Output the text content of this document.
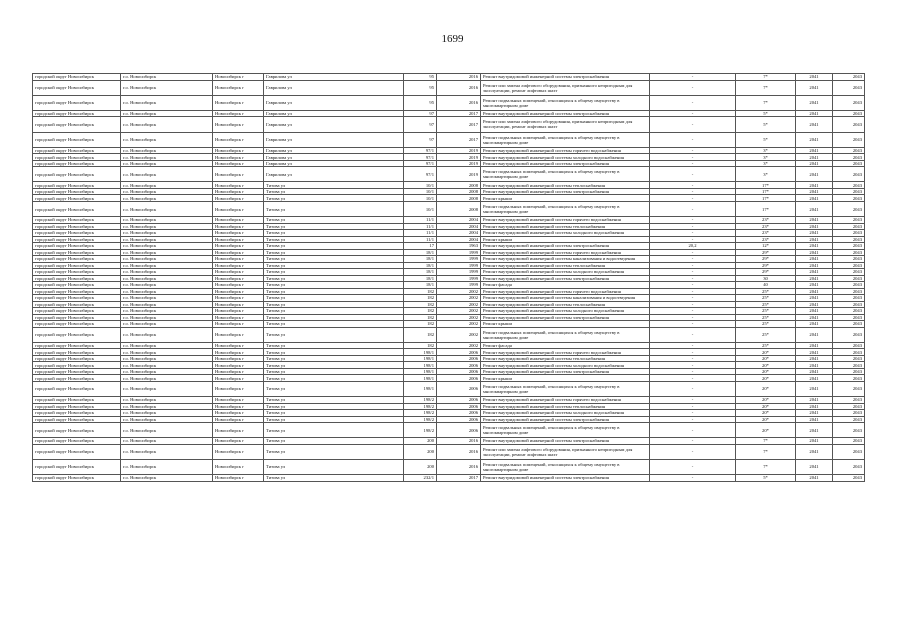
1699
городской округ Новосибирск	г.о. Новосибирск	Новосибирск г	Гаврилова ул	95	2016	Ремонт внутридомовой инженерной системы электроснабжения	-	7*	2041	2043
городской округ Новосибирск	г.о. Новосибирск	Новосибирск г	Гаврилова ул	95	2016	Ремонт или замена лифтового оборудования, признанного непригодным для эксплуатации, ремонт лифтовых шахт	-	7*	2041	2043
городской округ Новосибирск	г.о. Новосибирск	Новосибирск г	Гаврилова ул	95	2016	Ремонт подвальных помещений, относящихся к общему имуществу в многоквартирном доме	-	7*	2041	2043
городской округ Новосибирск	г.о. Новосибирск	Новосибирск г	Гаврилова ул	97	2017	Ремонт внутридомовой инженерной системы электроснабжения	-	5*	2041	2043
городской округ Новосибирск	г.о. Новосибирск	Новосибирск г	Гаврилова ул	97	2017	Ремонт или замена лифтового оборудования, признанного непригодным для эксплуатации, ремонт лифтовых шахт	-	5*	2041	2043
городской округ Новосибирск	г.о. Новосибирск	Новосибирск г	Гаврилова ул	97	2017	Ремонт подвальных помещений, относящихся к общему имуществу в многоквартирном доме	-	5*	2041	2043
городской округ Новосибирск	г.о. Новосибирск	Новосибирск г	Гаврилова ул	97/1	2019	Ремонт внутридомовой инженерной системы горячего водоснабжения	-	3*	2041	2043
городской округ Новосибирск	г.о. Новосибирск	Новосибирск г	Гаврилова ул	97/1	2019	Ремонт внутридомовой инженерной системы холодного водоснабжения	-	3*	2041	2043
городской округ Новосибирск	г.о. Новосибирск	Новосибирск г	Гаврилова ул	97/1	2019	Ремонт внутридомовой инженерной системы электроснабжения	-	3*	2041	2043
городской округ Новосибирск	г.о. Новосибирск	Новосибирск г	Гаврилова ул	97/1	2019	Ремонт подвальных помещений, относящихся к общему имуществу в многоквартирном доме	-	3*	2041	2043
городской округ Новосибирск	г.о. Новосибирск	Новосибирск г	Титова ул	10/1	2008	Ремонт внутридомовой инженерной системы теплоснабжения	-	17*	2041	2043
городской округ Новосибирск	г.о. Новосибирск	Новосибирск г	Титова ул	10/1	2008	Ремонт внутридомовой инженерной системы электроснабжения	-	17*	2041	2043
городской округ Новосибирск	г.о. Новосибирск	Новосибирск г	Титова ул	10/1	2008	Ремонт крыши	-	17*	2041	2043
городской округ Новосибирск	г.о. Новосибирск	Новосибирск г	Титова ул	10/1	2008	Ремонт подвальных помещений, относящихся к общему имуществу в многоквартирном доме	-	17*	2041	2043
городской округ Новосибирск	г.о. Новосибирск	Новосибирск г	Титова ул	11/1	2004	Ремонт внутридомовой инженерной системы горячего водоснабжения	-	23*	2041	2043
городской округ Новосибирск	г.о. Новосибирск	Новосибирск г	Титова ул	11/1	2004	Ремонт внутридомовой инженерной системы теплоснабжения	-	23*	2041	2043
городской округ Новосибирск	г.о. Новосибирск	Новосибирск г	Титова ул	11/1	2004	Ремонт внутридомовой инженерной системы холодного водоснабжения	-	23*	2041	2043
городской округ Новосибирск	г.о. Новосибирск	Новосибирск г	Титова ул	11/1	2004	Ремонт крыши	-	23*	2041	2043
городской округ Новосибирск	г.о. Новосибирск	Новосибирск г	Титова ул	17	1963	Ремонт внутридомовой инженерной системы электроснабжения	20,2	12*	2041	2043
городской округ Новосибирск	г.о. Новосибирск	Новосибирск г	Титова ул	18/1	1999	Ремонт внутридомовой инженерной системы горячего водоснабжения	-	29*	2041	2043
городской округ Новосибирск	г.о. Новосибирск	Новосибирск г	Титова ул	18/1	1999	Ремонт внутридомовой инженерной системы канализования и водоотведения	-	29*	2041	2043
городской округ Новосибирск	г.о. Новосибирск	Новосибирск г	Титова ул	18/1	1999	Ремонт внутридомовой инженерной системы теплоснабжения	-	29*	2041	2043
городской округ Новосибирск	г.о. Новосибирск	Новосибирск г	Титова ул	18/1	1999	Ремонт внутридомовой инженерной системы холодного водоснабжения	-	29*	2041	2043
городской округ Новосибирск	г.о. Новосибирск	Новосибирск г	Титова ул	18/1	1999	Ремонт внутридомовой инженерной системы электроснабжения	-	30	2041	2043
городской округ Новосибирск	г.о. Новосибирск	Новосибирск г	Титова ул	18/1	1999	Ремонт фасада	-	40	2041	2043
городской округ Новосибирск	г.о. Новосибирск	Новосибирск г	Титова ул	182	2002	Ремонт внутридомовой инженерной системы горячего водоснабжения	-	25*	2041	2043
городской округ Новосибирск	г.о. Новосибирск	Новосибирск г	Титова ул	182	2002	Ремонт внутридомовой инженерной системы канализования и водоотведения	-	25*	2041	2043
городской округ Новосибирск	г.о. Новосибирск	Новосибирск г	Титова ул	182	2002	Ремонт внутридомовой инженерной системы теплоснабжения	-	25*	2041	2043
городской округ Новосибирск	г.о. Новосибирск	Новосибирск г	Титова ул	182	2002	Ремонт внутридомовой инженерной системы холодного водоснабжения	-	25*	2041	2043
городской округ Новосибирск	г.о. Новосибирск	Новосибирск г	Титова ул	182	2002	Ремонт внутридомовой инженерной системы электроснабжения	-	25*	2041	2043
городской округ Новосибирск	г.о. Новосибирск	Новосибирск г	Титова ул	182	2002	Ремонт крыши	-	25*	2041	2043
городской округ Новосибирск	г.о. Новосибирск	Новосибирск г	Титова ул	182	2002	Ремонт подвальных помещений, относящихся к общему имуществу в многоквартирном доме	-	25*	2041	2043
городской округ Новосибирск	г.о. Новосибирск	Новосибирск г	Титова ул	182	2002	Ремонт фасада	-	25*	2041	2043
городской округ Новосибирск	г.о. Новосибирск	Новосибирск г	Титова ул	198/1	2006	Ремонт внутридомовой инженерной системы горячего водоснабжения	-	20*	2041	2043
городской округ Новосибирск	г.о. Новосибирск	Новосибирск г	Титова ул	198/1	2006	Ремонт внутридомовой инженерной системы теплоснабжения	-	20*	2041	2043
городской округ Новосибирск	г.о. Новосибирск	Новосибирск г	Титова ул	198/1	2006	Ремонт внутридомовой инженерной системы холодного водоснабжения	-	20*	2041	2043
городской округ Новосибирск	г.о. Новосибирск	Новосибирск г	Титова ул	198/1	2006	Ремонт внутридомовой инженерной системы электроснабжения	-	20*	2041	2043
городской округ Новосибирск	г.о. Новосибирск	Новосибирск г	Титова ул	198/1	2006	Ремонт крыши	-	20*	2041	2043
городской округ Новосибирск	г.о. Новосибирск	Новосибирск г	Титова ул	198/1	2006	Ремонт подвальных помещений, относящихся к общему имуществу в многоквартирном доме	-	20*	2041	2043
городской округ Новосибирск	г.о. Новосибирск	Новосибирск г	Титова ул	198/2	2006	Ремонт внутридомовой инженерной системы горячего водоснабжения	-	20*	2041	2043
городской округ Новосибирск	г.о. Новосибирск	Новосибирск г	Титова ул	198/2	2006	Ремонт внутридомовой инженерной системы теплоснабжения	-	20*	2041	2043
городской округ Новосибирск	г.о. Новосибирск	Новосибирск г	Титова ул	198/2	2006	Ремонт внутридомовой инженерной системы холодного водоснабжения	-	20*	2041	2043
городской округ Новосибирск	г.о. Новосибирск	Новосибирск г	Титова ул	198/2	2006	Ремонт внутридомовой инженерной системы электроснабжения	-	20*	2041	2043
городской округ Новосибирск	г.о. Новосибирск	Новосибирск г	Титова ул	198/2	2006	Ремонт подвальных помещений, относящихся к общему имуществу в многоквартирном доме	-	20*	2041	2043
городской округ Новосибирск	г.о. Новосибирск	Новосибирск г	Титова ул	200	2016	Ремонт внутридомовой инженерной системы электроснабжения	-	7*	2041	2043
городской округ Новосибирск	г.о. Новосибирск	Новосибирск г	Титова ул	200	2016	Ремонт или замена лифтового оборудования, признанного непригодным для эксплуатации, ремонт лифтовых шахт	-	7*	2041	2043
городской округ Новосибирск	г.о. Новосибирск	Новосибирск г	Титова ул	200	2016	Ремонт подвальных помещений, относящихся к общему имуществу в многоквартирном доме	-	7*	2041	2043
городской округ Новосибирск	г.о. Новосибирск	Новосибирск г	Титова ул	232/1	2017	Ремонт внутридомовой инженерной системы электроснабжения	-	5*	2041	2043
